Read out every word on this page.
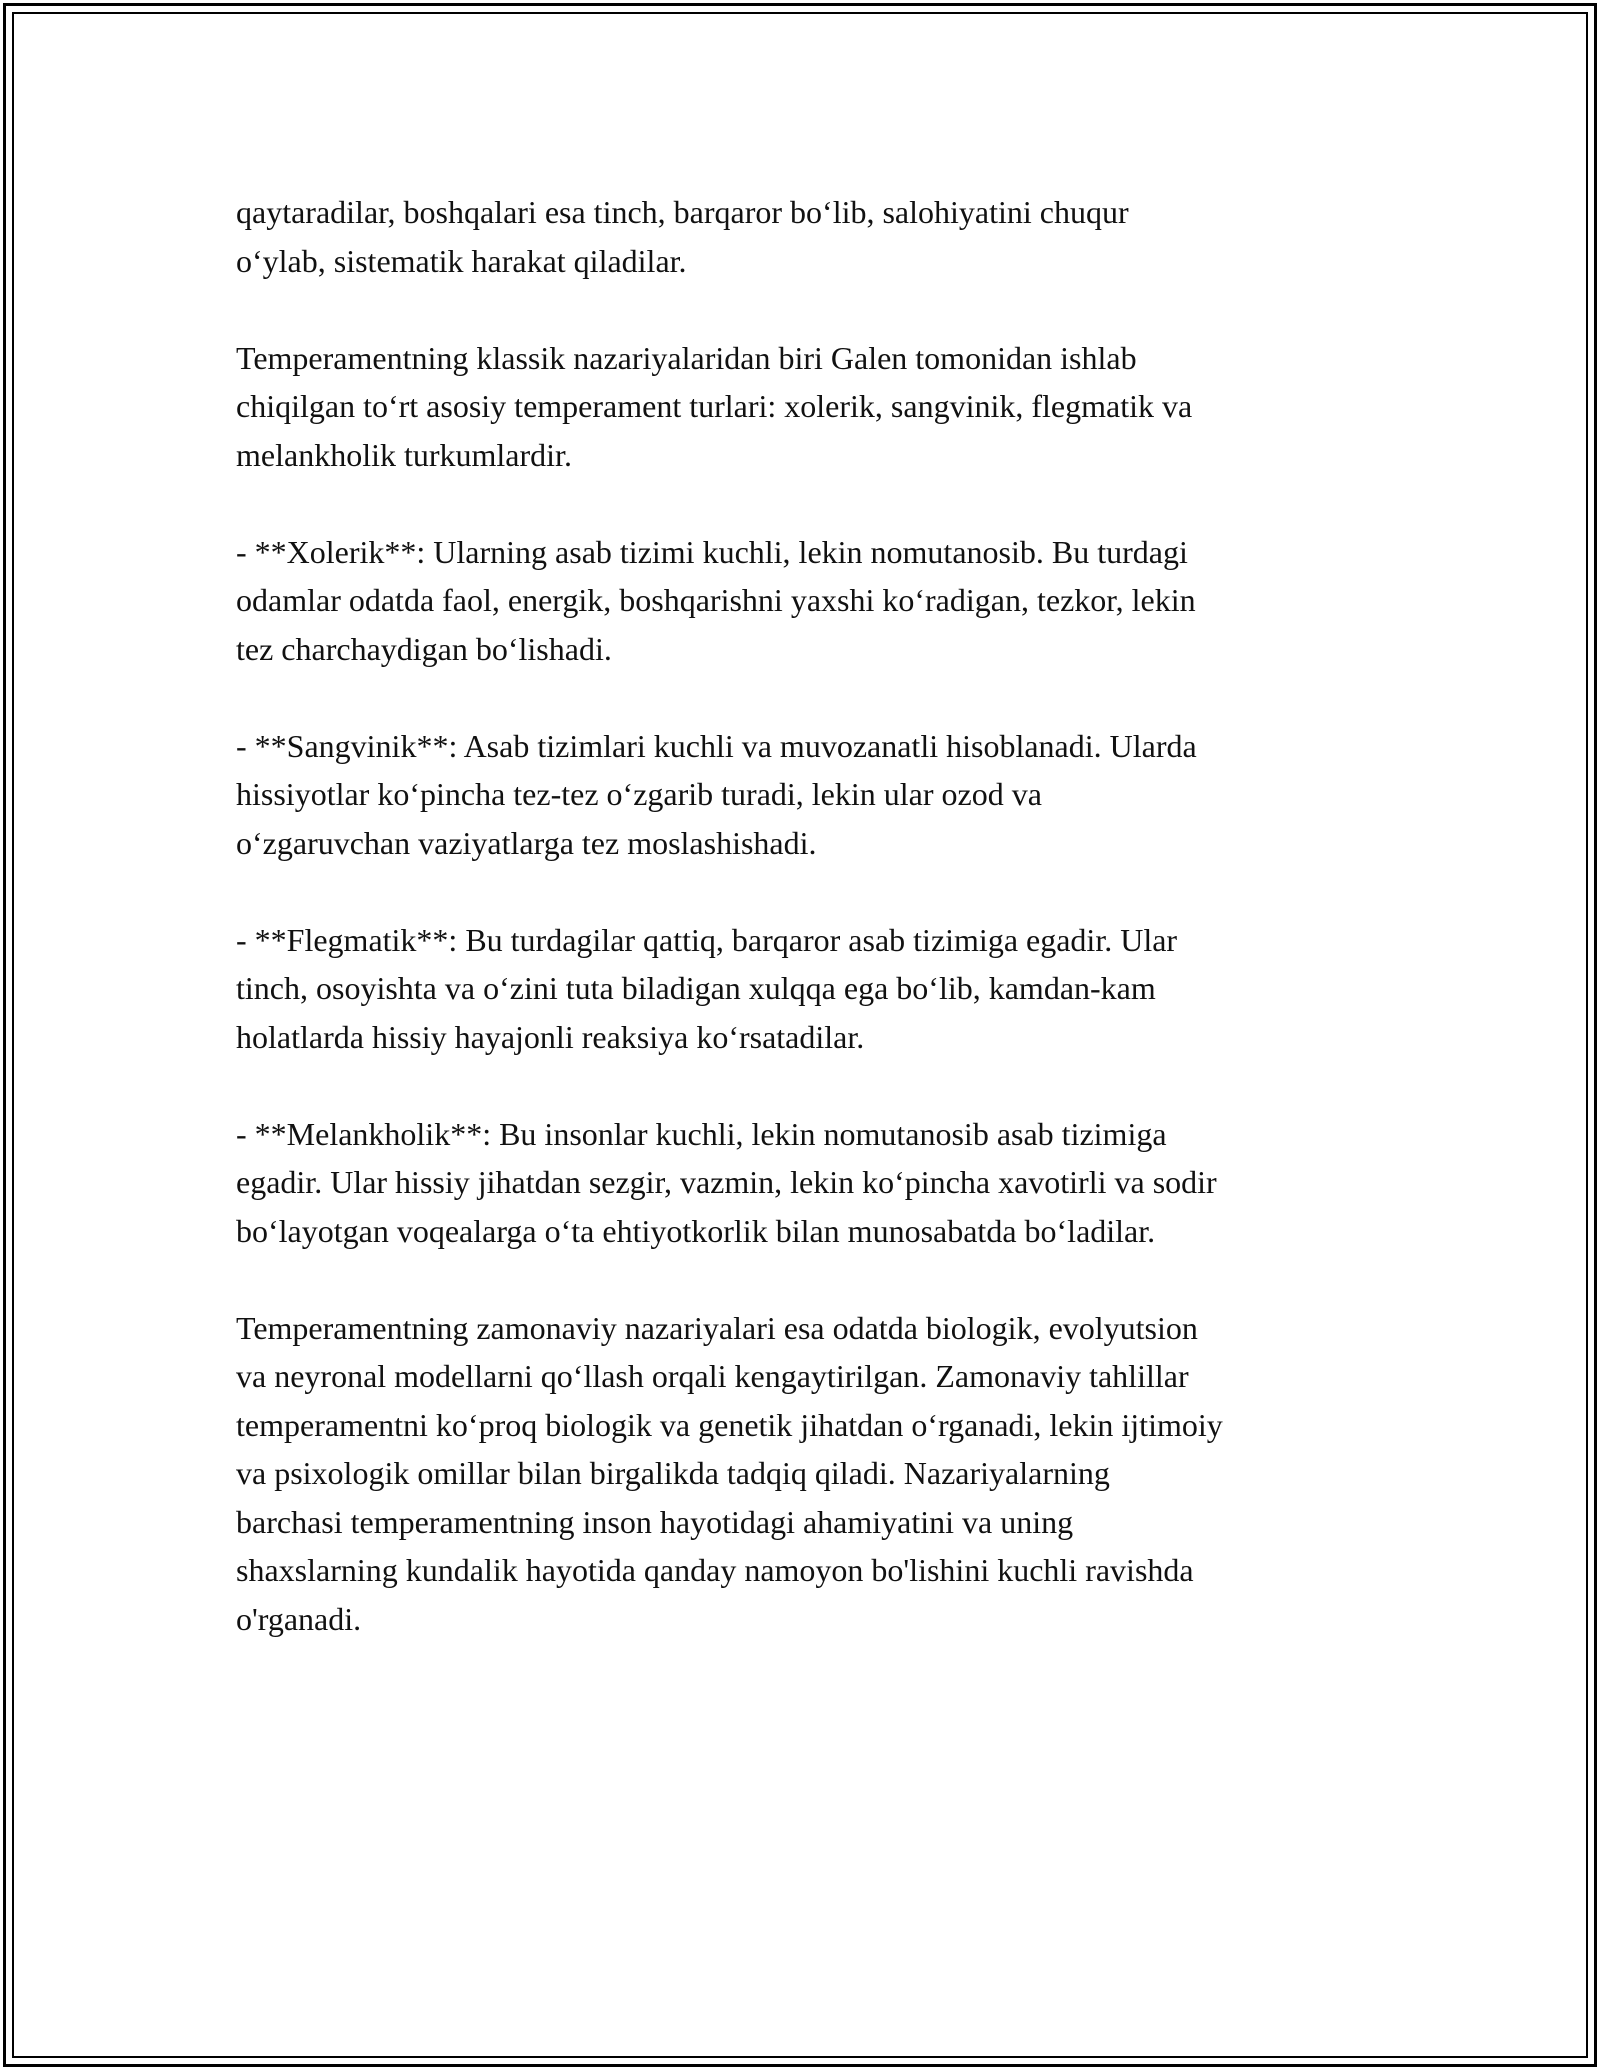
qaytaradilar, boshqalari esa tinch, barqaror bo‘lib, salohiyatini chuqur
o‘ylab, sistematik harakat qiladilar.

Temperamentning klassik nazariyalaridan biri Galen tomonidan ishlab
chiqilgan to‘rt asosiy temperament turlari: xolerik, sangvinik, flegmatik va
melankholik turkumlardir.

- **Xolerik**: Ularning asab tizimi kuchli, lekin nomutanosib. Bu turdagi
odamlar odatda faol, energik, boshqarishni yaxshi ko‘radigan, tezkor, lekin
tez charchaydigan bo‘lishadi.

- **Sangvinik**: Asab tizimlari kuchli va muvozanatli hisoblanadi. Ularda
hissiyotlar ko‘pincha tez-tez o‘zgarib turadi, lekin ular ozod va
o‘zgaruvchan vaziyatlarga tez moslashishadi.

- **Flegmatik**: Bu turdagilar qattiq, barqaror asab tizimiga egadir. Ular
tinch, osoyishta va o‘zini tuta biladigan xulqqa ega bo‘lib, kamdan-kam
holatlarda hissiy hayajonli reaksiya ko‘rsatadilar.

- **Melankholik**: Bu insonlar kuchli, lekin nomutanosib asab tizimiga
egadir. Ular hissiy jihatdan sezgir, vazmin, lekin ko‘pincha xavotirli va sodir
bo‘layotgan voqealarga o‘ta ehtiyotkorlik bilan munosabatda bo‘ladilar.

Temperamentning zamonaviy nazariyalari esa odatda biologik, evolyutsion
va neyronal modellarni qo‘llash orqali kengaytirilgan. Zamonaviy tahlillar
temperamentni ko‘proq biologik va genetik jihatdan o‘rganadi, lekin ijtimoiy
va psixologik omillar bilan birgalikda tadqiq qiladi. Nazariyalarning
barchasi temperamentning inson hayotidagi ahamiyatini va uning
shaxslarning kundalik hayotida qanday namoyon bo'lishini kuchli ravishda
o'rganadi.
